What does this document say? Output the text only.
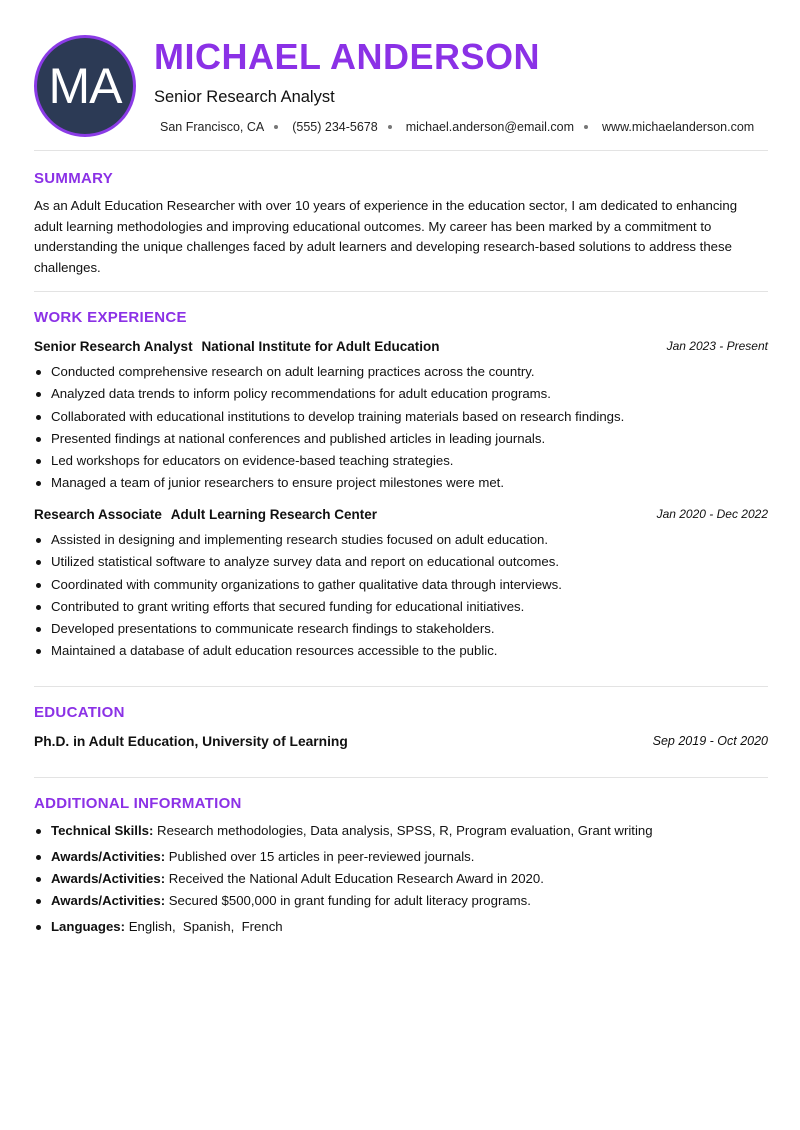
MA
MICHAEL ANDERSON
Senior Research Analyst
San Francisco, CA (555) 234-5678 michael.anderson@email.com www.michaelanderson.com
SUMMARY
As an Adult Education Researcher with over 10 years of experience in the education sector, I am dedicated to enhancing adult learning methodologies and improving educational outcomes. My career has been marked by a commitment to understanding the unique challenges faced by adult learners and developing research-based solutions to address these challenges.
WORK EXPERIENCE
Senior Research Analyst National Institute for Adult Education	Jan 2023 - Present
Conducted comprehensive research on adult learning practices across the country.
Analyzed data trends to inform policy recommendations for adult education programs.
Collaborated with educational institutions to develop training materials based on research findings.
Presented findings at national conferences and published articles in leading journals.
Led workshops for educators on evidence-based teaching strategies.
Managed a team of junior researchers to ensure project milestones were met.
Research Associate Adult Learning Research Center	Jan 2020 - Dec 2022
Assisted in designing and implementing research studies focused on adult education.
Utilized statistical software to analyze survey data and report on educational outcomes.
Coordinated with community organizations to gather qualitative data through interviews.
Contributed to grant writing efforts that secured funding for educational initiatives.
Developed presentations to communicate research findings to stakeholders.
Maintained a database of adult education resources accessible to the public.
EDUCATION
Ph.D. in Adult Education, University of Learning	Sep 2019 - Oct 2020
ADDITIONAL INFORMATION
Technical Skills: Research methodologies, Data analysis, SPSS, R, Program evaluation, Grant writing
Awards/Activities: Published over 15 articles in peer-reviewed journals.
Awards/Activities: Received the National Adult Education Research Award in 2020.
Awards/Activities: Secured $500,000 in grant funding for adult literacy programs.
Languages: English,  Spanish,  French
